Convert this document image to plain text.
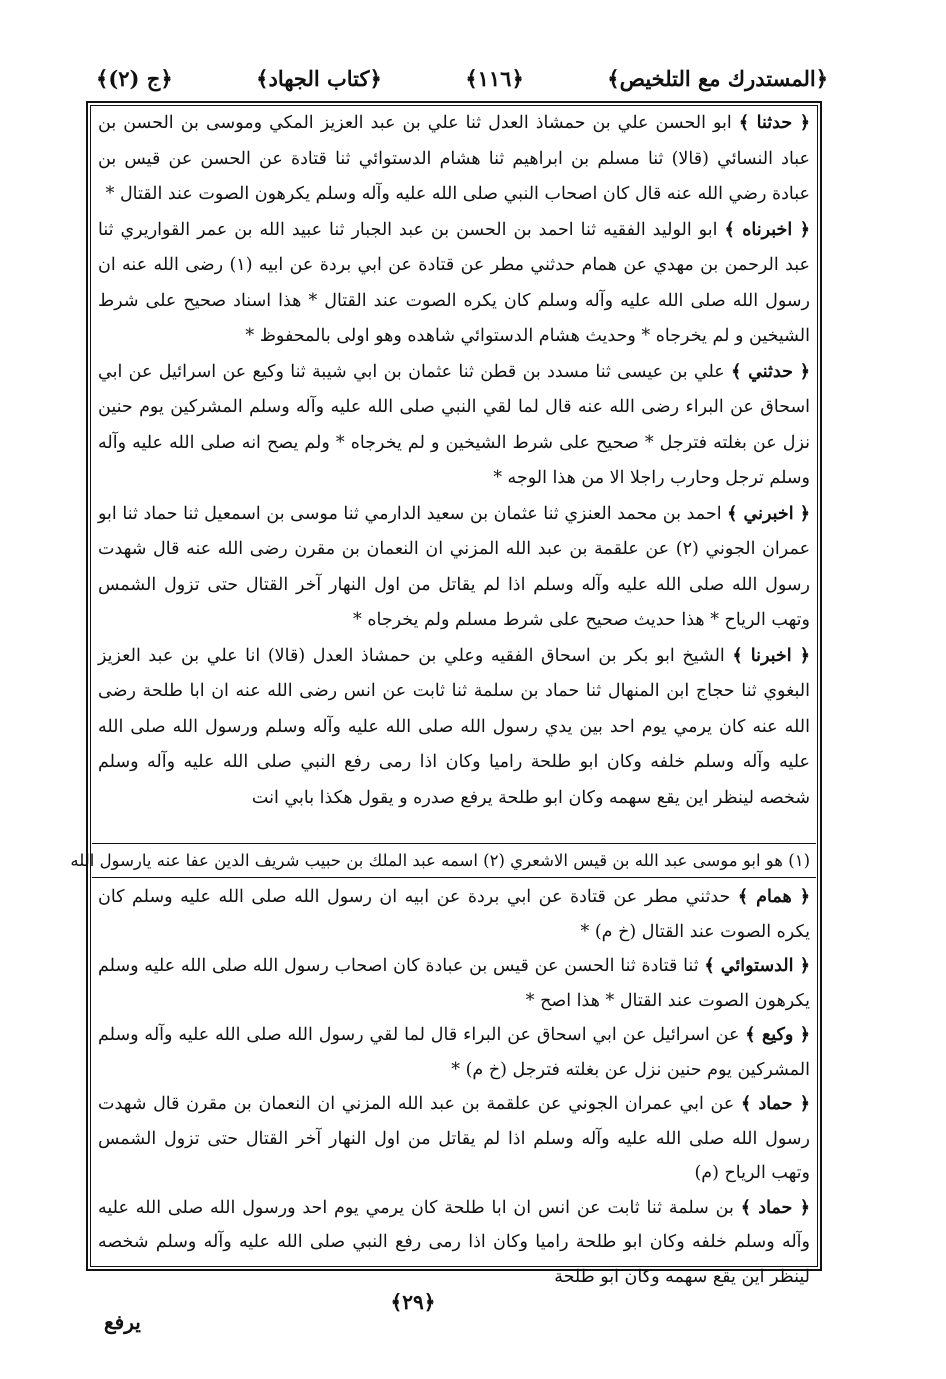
﴿المستدرك مع التلخيص﴾
﴿١١٦﴾
﴿كتاب الجهاد﴾
﴿ج (٢)﴾

﴿ حدثنا ﴾ ابو الحسن علي بن حمشاذ العدل ثنا علي بن عبد العزيز المكي وموسى بن الحسن بن عباد النسائي (قالا) ثنا مسلم بن ابراهيم ثنا هشام الدستوائي ثنا قتادة عن الحسن عن قيس بن عبادة رضي الله عنه قال كان اصحاب النبي صلى الله عليه وآله وسلم يكرهون الصوت عند القتال *

﴿ اخبرناه ﴾ ابو الوليد الفقيه ثنا احمد بن الحسن بن عبد الجبار ثنا عبيد الله بن عمر القواريري ثنا عبد الرحمن بن مهدي عن همام حدثني مطر عن قتادة عن ابي بردة عن ابيه (١) رضى الله عنه ان رسول الله صلى الله عليه وآله وسلم كان يكره الصوت عند القتال * هذا اسناد صحيح على شرط الشيخين و لم يخرجاه * وحديث هشام الدستوائي شاهده وهو اولى بالمحفوظ *

﴿ حدثني ﴾ علي بن عيسى ثنا مسدد بن قطن ثنا عثمان بن ابي شيبة ثنا وكيع عن اسرائيل عن ابي اسحاق عن البراء رضى الله عنه قال لما لقي النبي صلى الله عليه وآله وسلم المشركين يوم حنين نزل عن بغلته فترجل * صحيح على شرط الشيخين و لم يخرجاه * ولم يصح انه صلى الله عليه وآله وسلم ترجل وحارب راجلا الا من هذا الوجه *

﴿ اخبرني ﴾ احمد بن محمد العنزي ثنا عثمان بن سعيد الدارمي ثنا موسى بن اسمعيل ثنا حماد ثنا ابو عمران الجوني (٢) عن علقمة بن عبد الله المزني ان النعمان بن مقرن رضى الله عنه قال شهدت رسول الله صلى الله عليه وآله وسلم اذا لم يقاتل من اول النهار آخر القتال حتى تزول الشمس وتهب الرياح * هذا حديث صحيح على شرط مسلم ولم يخرجاه *

﴿ اخبرنا ﴾ الشيخ ابو بكر بن اسحاق الفقيه وعلي بن حمشاذ العدل (قالا) انا علي بن عبد العزيز البغوي ثنا حجاج ابن المنهال ثنا حماد بن سلمة ثنا ثابت عن انس رضى الله عنه ان ابا طلحة رضى الله عنه كان يرمي يوم احد بين يدي رسول الله صلى الله عليه وآله وسلم ورسول الله صلى الله عليه وآله وسلم خلفه وكان ابو طلحة راميا وكان اذا رمى رفع النبي صلى الله عليه وآله وسلم شخصه لينظر اين يقع سهمه وكان ابو طلحة يرفع صدره و يقول هكذا بابي انت

(١) هو ابو موسى عبد الله بن قيس الاشعري (٢) اسمه عبد الملك بن حبيب شريف الدين عفا عنه يارسول الله

﴿ همام ﴾ حدثني مطر عن قتادة عن ابي بردة عن ابيه ان رسول الله صلى الله عليه وسلم كان يكره الصوت عند القتال (خ م) *

﴿ الدستوائي ﴾ ثنا قتادة ثنا الحسن عن قيس بن عبادة كان اصحاب رسول الله صلى الله عليه وسلم يكرهون الصوت عند القتال * هذا اصح *

﴿ وكيع ﴾ عن اسرائيل عن ابي اسحاق عن البراء قال لما لقي رسول الله صلى الله عليه وآله وسلم المشركين يوم حنين نزل عن بغلته فترجل (خ م) *

﴿ حماد ﴾ عن ابي عمران الجوني عن علقمة بن عبد الله المزني ان النعمان بن مقرن قال شهدت رسول الله صلى الله عليه وآله وسلم اذا لم يقاتل من اول النهار آخر القتال حتى تزول الشمس وتهب الرياح (م)

﴿ حماد ﴾ بن سلمة ثنا ثابت عن انس ان ابا طلحة كان يرمي يوم احد ورسول الله صلى الله عليه وآله وسلم خلفه وكان ابو طلحة راميا وكان اذا رمى رفع النبي صلى الله عليه وآله وسلم شخصه لينظر اين يقع سهمه وكان ابو طلحة

﴿٢٩﴾
يرفع
